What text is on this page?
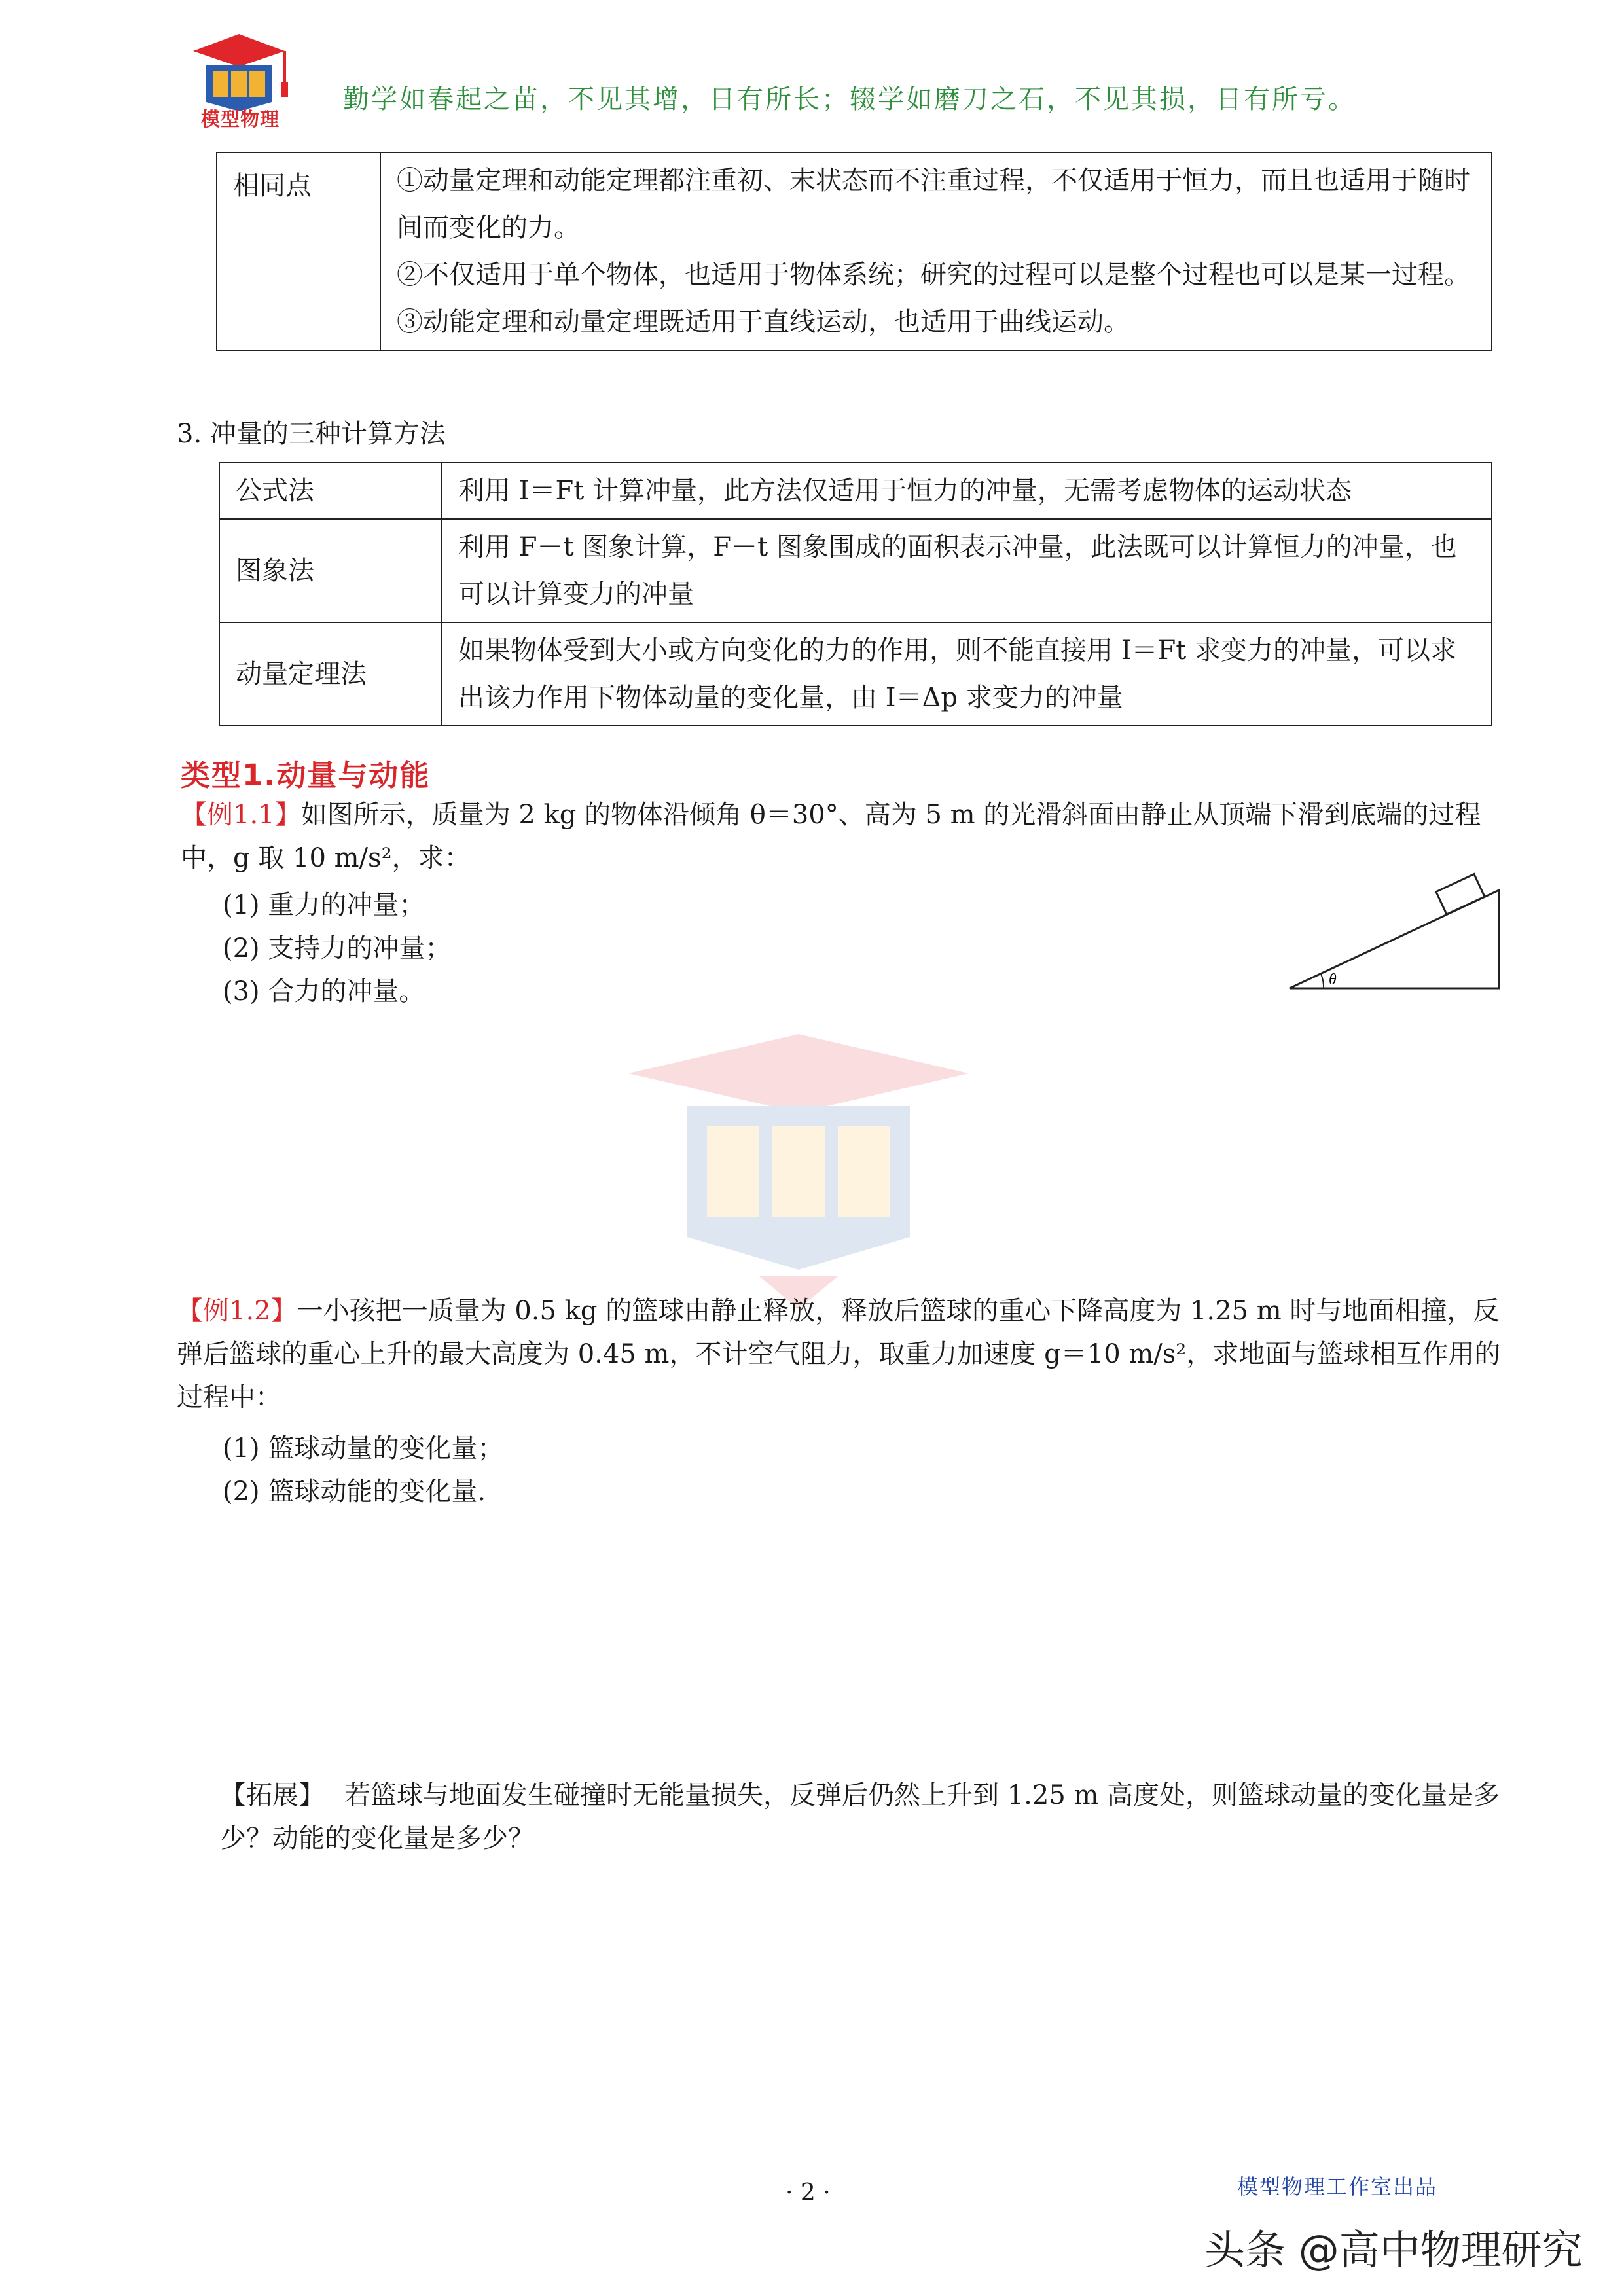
模型物理
勤学如春起之苗，不见其增，日有所长；辍学如磨刀之石，不见其损，日有所亏。
相同点	①动量定理和动能定理都注重初、末状态而不注重过程，不仅适用于恒力，而且也适用于随时间而变化的力。
②不仅适用于单个物体，也适用于物体系统；研究的过程可以是整个过程也可以是某一过程。
③动能定理和动量定理既适用于直线运动，也适用于曲线运动。
3. 冲量的三种计算方法
公式法	利用 I＝Ft 计算冲量，此方法仅适用于恒力的冲量，无需考虑物体的运动状态
图象法	利用 F－t 图象计算，F－t 图象围成的面积表示冲量，此法既可以计算恒力的冲量，也可以计算变力的冲量
动量定理法	如果物体受到大小或方向变化的力的作用，则不能直接用 I＝Ft 求变力的冲量，可以求出该力作用下物体动量的变化量，由 I＝Δp 求变力的冲量
类型1.动量与动能
【例1.1】如图所示，质量为 2 kg 的物体沿倾角 θ＝30°、高为 5 m 的光滑斜面由静止从顶端下滑到底端的过程中，g 取 10 m/s²，求：
(1) 重力的冲量；
(2) 支持力的冲量；
(3) 合力的冲量。	θ
【例1.2】一小孩把一质量为 0.5 kg 的篮球由静止释放，释放后篮球的重心下降高度为 1.25 m 时与地面相撞，反弹后篮球的重心上升的最大高度为 0.45 m，不计空气阻力，取重力加速度 g＝10 m/s²，求地面与篮球相互作用的过程中：
(1) 篮球动量的变化量；
(2) 篮球动能的变化量.
【拓展】 若篮球与地面发生碰撞时无能量损失，反弹后仍然上升到 1.25 m 高度处，则篮球动量的变化量是多少？动能的变化量是多少？
· 2 ·	模型物理工作室出品
头条 @高中物理研究
